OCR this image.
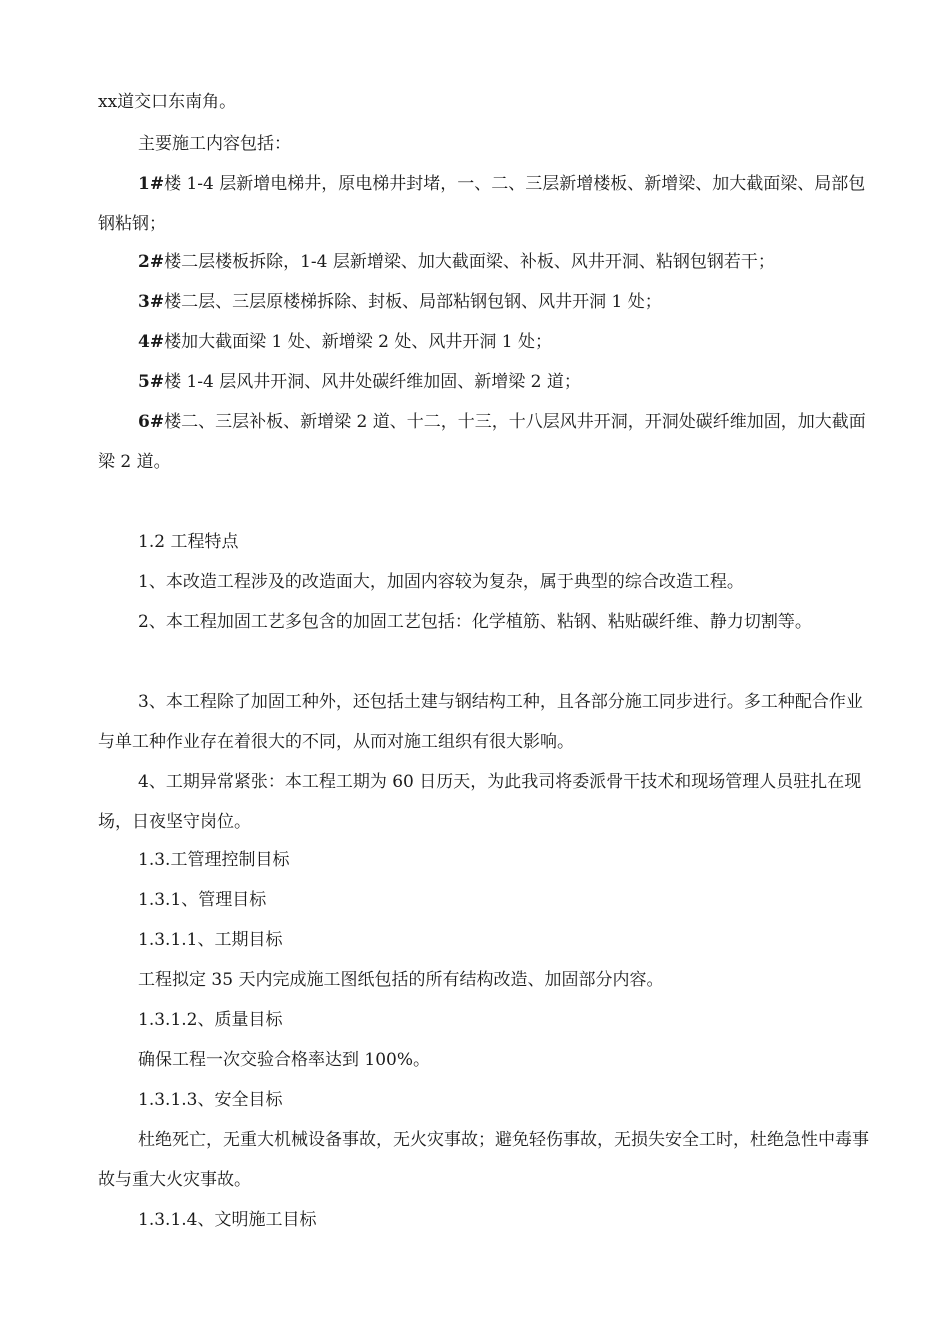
xx道交口东南角。

主要施工内容包括：

1#楼 1-4 层新增电梯井，原电梯井封堵，一、二、三层新增楼板、新增梁、加大截面梁、局部包钢粘钢；

2#楼二层楼板拆除，1-4 层新增梁、加大截面梁、补板、风井开洞、粘钢包钢若干；

3#楼二层、三层原楼梯拆除、封板、局部粘钢包钢、风井开洞 1 处；

4#楼加大截面梁 1 处、新增梁 2 处、风井开洞 1 处；

5#楼 1-4 层风井开洞、风井处碳纤维加固、新增梁 2 道；

6#楼二、三层补板、新增梁 2 道、十二，十三，十八层风井开洞，开洞处碳纤维加固，加大截面梁 2 道。

1.2 工程特点

1、本改造工程涉及的改造面大，加固内容较为复杂，属于典型的综合改造工程。

2、本工程加固工艺多包含的加固工艺包括：化学植筋、粘钢、粘贴碳纤维、静力切割等。

3、本工程除了加固工种外，还包括土建与钢结构工种，且各部分施工同步进行。多工种配合作业与单工种作业存在着很大的不同，从而对施工组织有很大影响。

4、工期异常紧张：本工程工期为 60 日历天，为此我司将委派骨干技术和现场管理人员驻扎在现场，日夜坚守岗位。

1.3.工管理控制目标

1.3.1、管理目标

1.3.1.1、工期目标

工程拟定 35 天内完成施工图纸包括的所有结构改造、加固部分内容。

1.3.1.2、质量目标

确保工程一次交验合格率达到 100%。

1.3.1.3、安全目标

杜绝死亡，无重大机械设备事故，无火灾事故；避免轻伤事故，无损失安全工时，杜绝急性中毒事故与重大火灾事故。

1.3.1.4、文明施工目标
